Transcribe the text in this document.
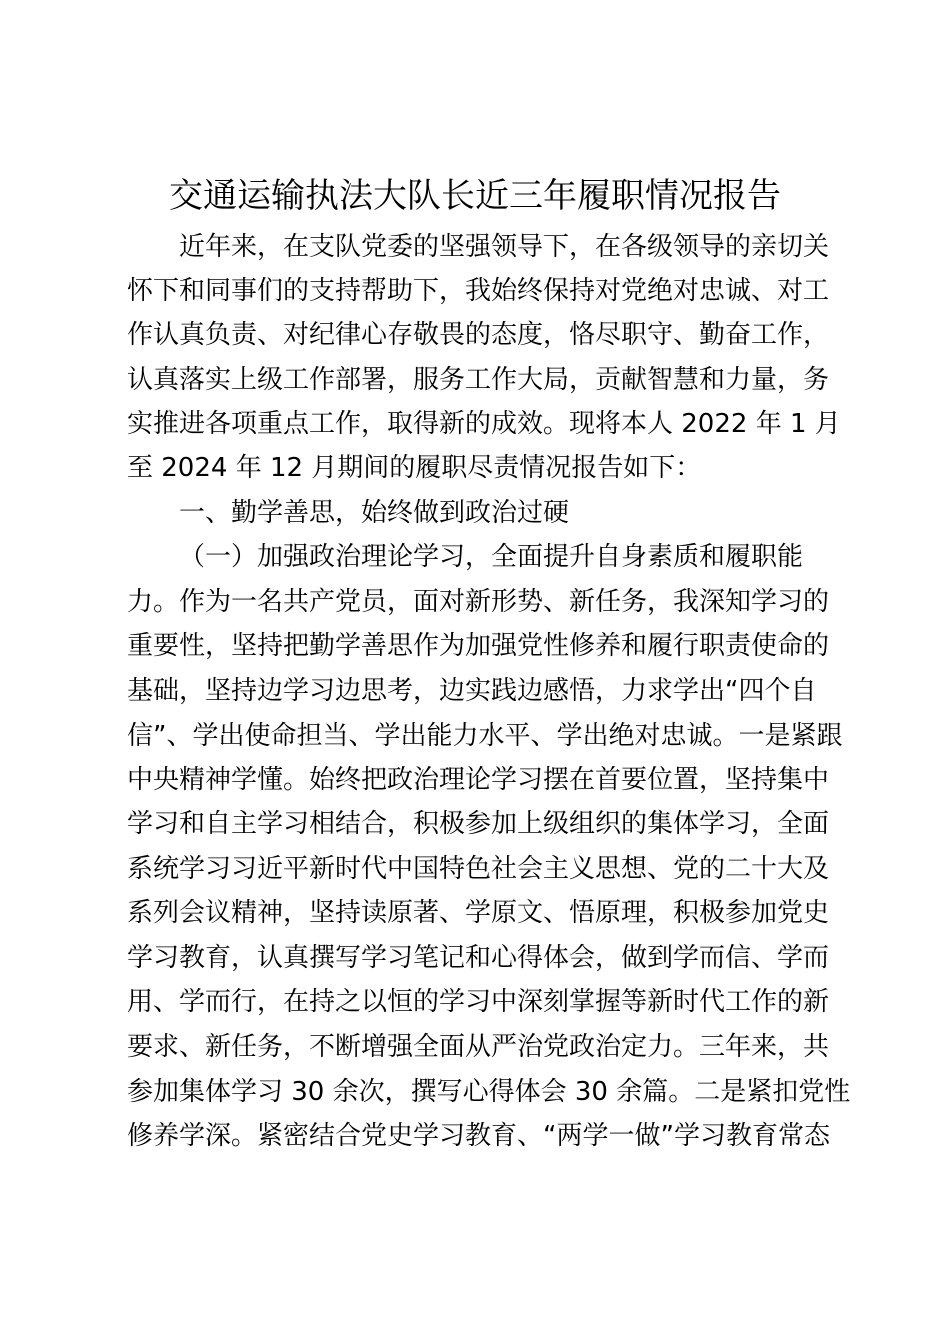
交通运输执法大队长近三年履职情况报告

近年来，在支队党委的坚强领导下，在各级领导的亲切关

怀下和同事们的支持帮助下，我始终保持对党绝对忠诚、对工

作认真负责、对纪律心存敬畏的态度，恪尽职守、勤奋工作，

认真落实上级工作部署，服务工作大局，贡献智慧和力量，务

实推进各项重点工作，取得新的成效。现将本人 2022 年 1 月

至 2024 年 12 月期间的履职尽责情况报告如下：

一、勤学善思，始终做到政治过硬

（一）加强政治理论学习，全面提升自身素质和履职能

力。作为一名共产党员，面对新形势、新任务，我深知学习的

重要性，坚持把勤学善思作为加强党性修养和履行职责使命的

基础，坚持边学习边思考，边实践边感悟，力求学出“四个自

信”、学出使命担当、学出能力水平、学出绝对忠诚。一是紧跟

中央精神学懂。始终把政治理论学习摆在首要位置，坚持集中

学习和自主学习相结合，积极参加上级组织的集体学习，全面

系统学习习近平新时代中国特色社会主义思想、党的二十大及

系列会议精神，坚持读原著、学原文、悟原理，积极参加党史

学习教育，认真撰写学习笔记和心得体会，做到学而信、学而

用、学而行，在持之以恒的学习中深刻掌握等新时代工作的新

要求、新任务，不断增强全面从严治党政治定力。三年来，共

参加集体学习 30 余次，撰写心得体会 30 余篇。二是紧扣党性

修养学深。紧密结合党史学习教育、“两学一做”学习教育常态
